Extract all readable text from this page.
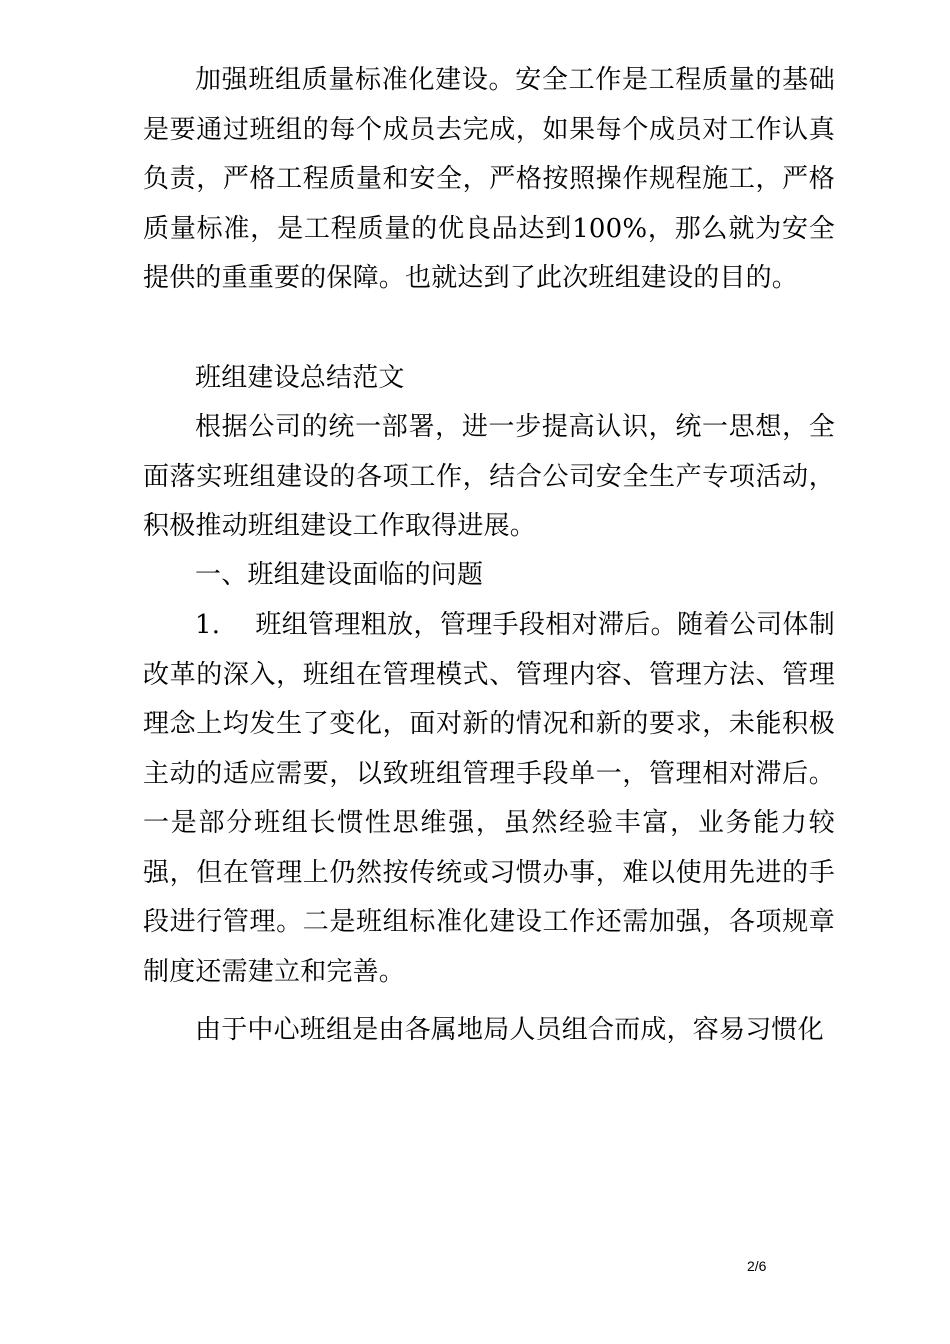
加强班组质量标准化建设。安全工作是工程质量的基础是要通过班组的每个成员去完成，如果每个成员对工作认真负责，严格工程质量和安全，严格按照操作规程施工，严格质量标准，是工程质量的优良品达到100%，那么就为安全提供的重重要的保障。也就达到了此次班组建设的目的。

班组建设总结范文

根据公司的统一部署，进一步提高认识，统一思想，全面落实班组建设的各项工作，结合公司安全生产专项活动，积极推动班组建设工作取得进展。

一、班组建设面临的问题

1.　 班组管理粗放，管理手段相对滞后。随着公司体制改革的深入，班组在管理模式、管理内容、管理方法、管理理念上均发生了变化，面对新的情况和新的要求，未能积极主动的适应需要，以致班组管理手段单一，管理相对滞后。一是部分班组长惯性思维强，虽然经验丰富，业务能力较强，但在管理上仍然按传统或习惯办事，难以使用先进的手段进行管理。二是班组标准化建设工作还需加强，各项规章制度还需建立和完善。

由于中心班组是由各属地局人员组合而成，容易习惯化

2/6
